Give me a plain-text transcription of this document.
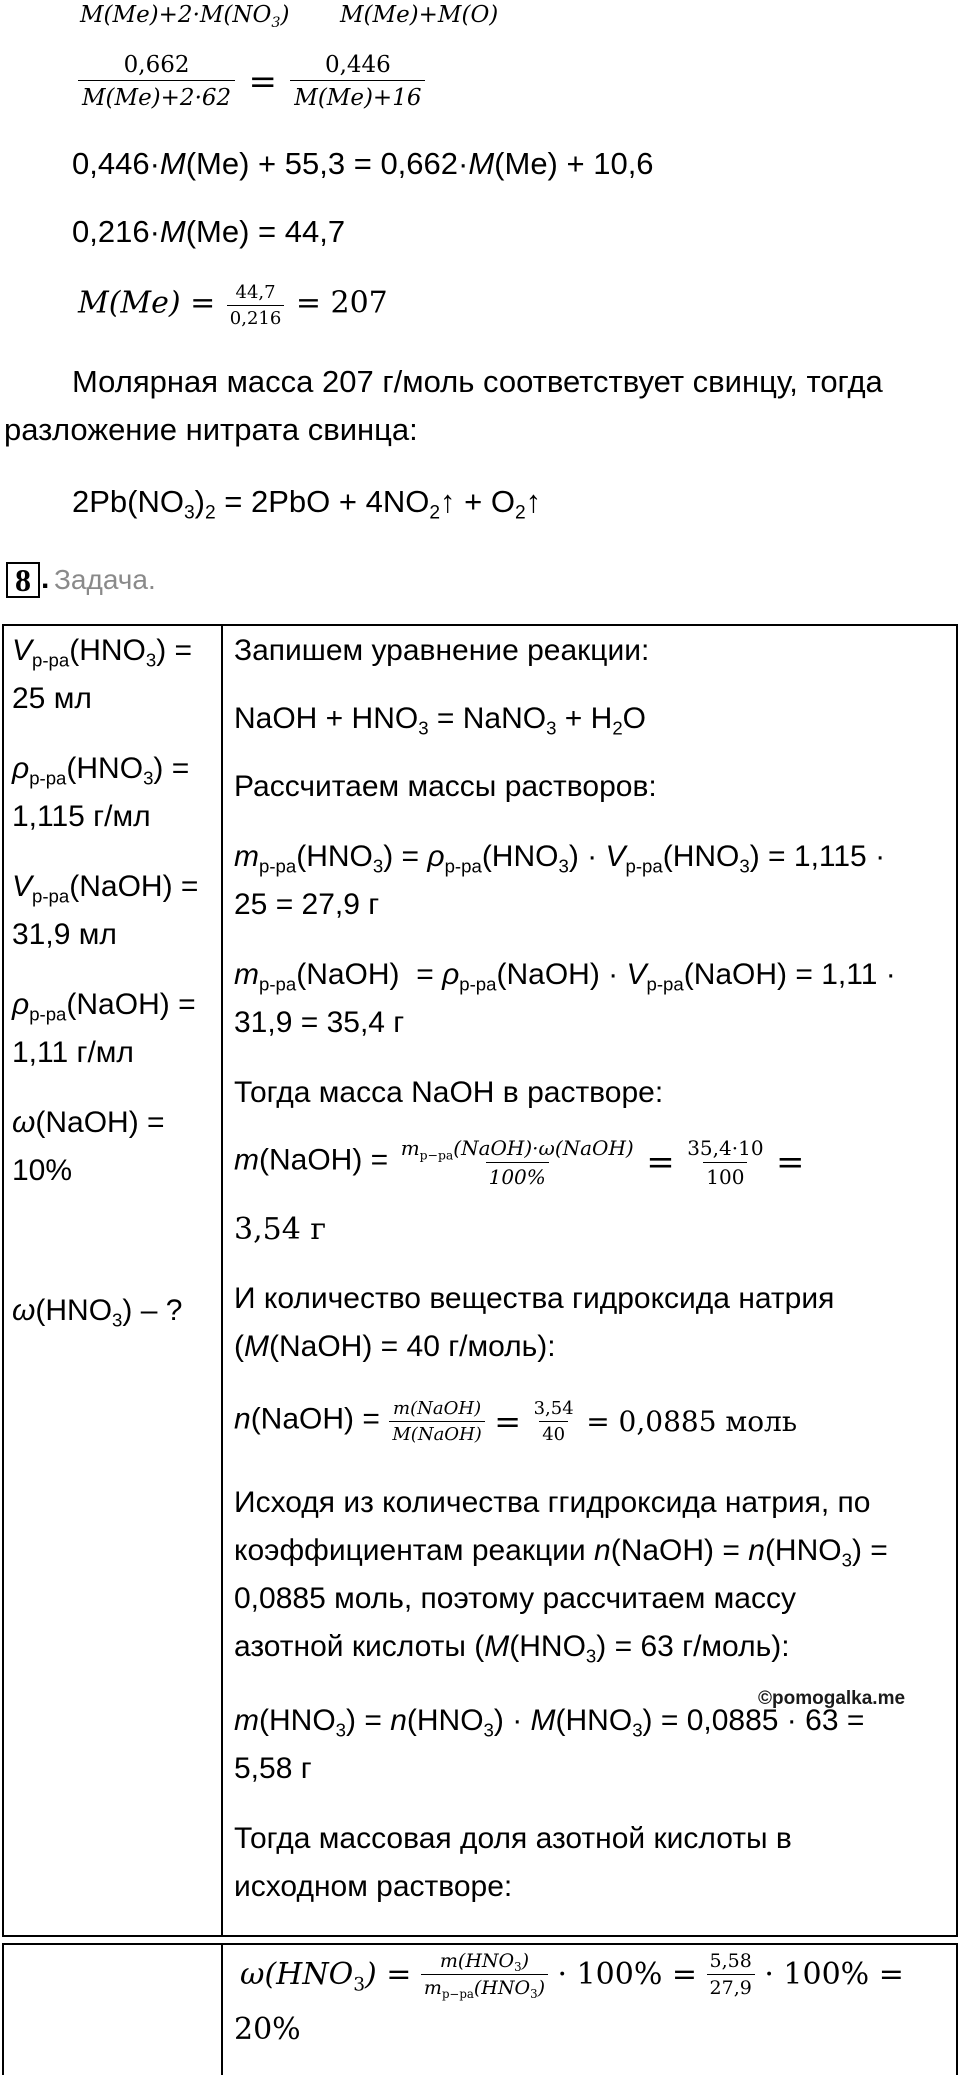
$M(Me)+2\cdot M(NO_3)$ M(Me)+M(O)
$\frac{0,662}{M(Me)+2\cdot 62} = \frac{0,446}{M(Me)+16}$
0,446·M(Me) + 55,3 = 0,662·M(Me) + 10,6
0,216·M(Me) = 44,7
$M(Me) = \frac{44,7}{0,216} = 207$
Молярная масса 207 г/моль соответствует свинцу, тогда
разложение нитрата свинца:
$2Pb(NO_3)_2 = 2PbO$ + $4NO_2↑$ + $O_2↑$
8 . Задача.
$V_{р-ра}(HNO_3)$ =
25 мл
$\rho_{р-ра}(HNO_3)$ =
1,115 г/мл
$V_{р-ра}(NaOH)$ =
31,9 мл
$\rho_{р-ра}(NaOH)$ =
1,11 г/мл
ω(NaOH) =
10%
$\omega(HNO_3)$ – ?
Запишем уравнение реакции:
NaOH + $HNO_3$ = NaNO$_3$ + $H_2O$
Рассчитаем массы растворов:
$m_{р-ра}(HNO_3) = \rho_{р-ра}(HNO_3) \cdot V_{р-ра}(HNO_3) = 1,115$ ·
25 = 27,9 г
$m_{р-ра}(NaOH)$  = $\rho_{р-ра}(NaOH)$ · $V_{р-ра}(NaOH) = 1,11$ ·
31,9 = 35,4 г
Тогда масса NaOH в растворе:
m(NaOH) = $\frac{m_{р-ра}(NaOH)\cdot\omega(NaOH)}{100\%} = \frac{35,4\cdot 10}{100}$ =
3,54 г
И количество вещества гидроксида натрия
(M(NaOH) = 40 г/моль):
n(NaOH) = $\frac{\text{m(NaOH)}}{\text{M(NaOH)}} = \frac{3,54}{40} = 0,0885$ моль
Исходя из количества ггидроксида натрия, по
коэффициентам реакции n(NaOH) = $n(HNO_3)$ =
0,0885 моль, поэтому рассчитаем массу
азотной кислоты ($M(HNO_3) = 63$ г/моль):
©pomogalka.me
$m(HNO_3) = n(HNO_3) \cdot M(HNO_3) = 0,0885 \cdot 63$ =
5,58 г
Тогда массовая доля азотной кислоты в
исходном растворе:
$\omega(HNO_3) = \frac{m(HNO_3)}{m_{р-ра}(HNO_3)} \cdot 100\% = \frac{5,58}{27,9} \cdot 100\%$ =
20%
